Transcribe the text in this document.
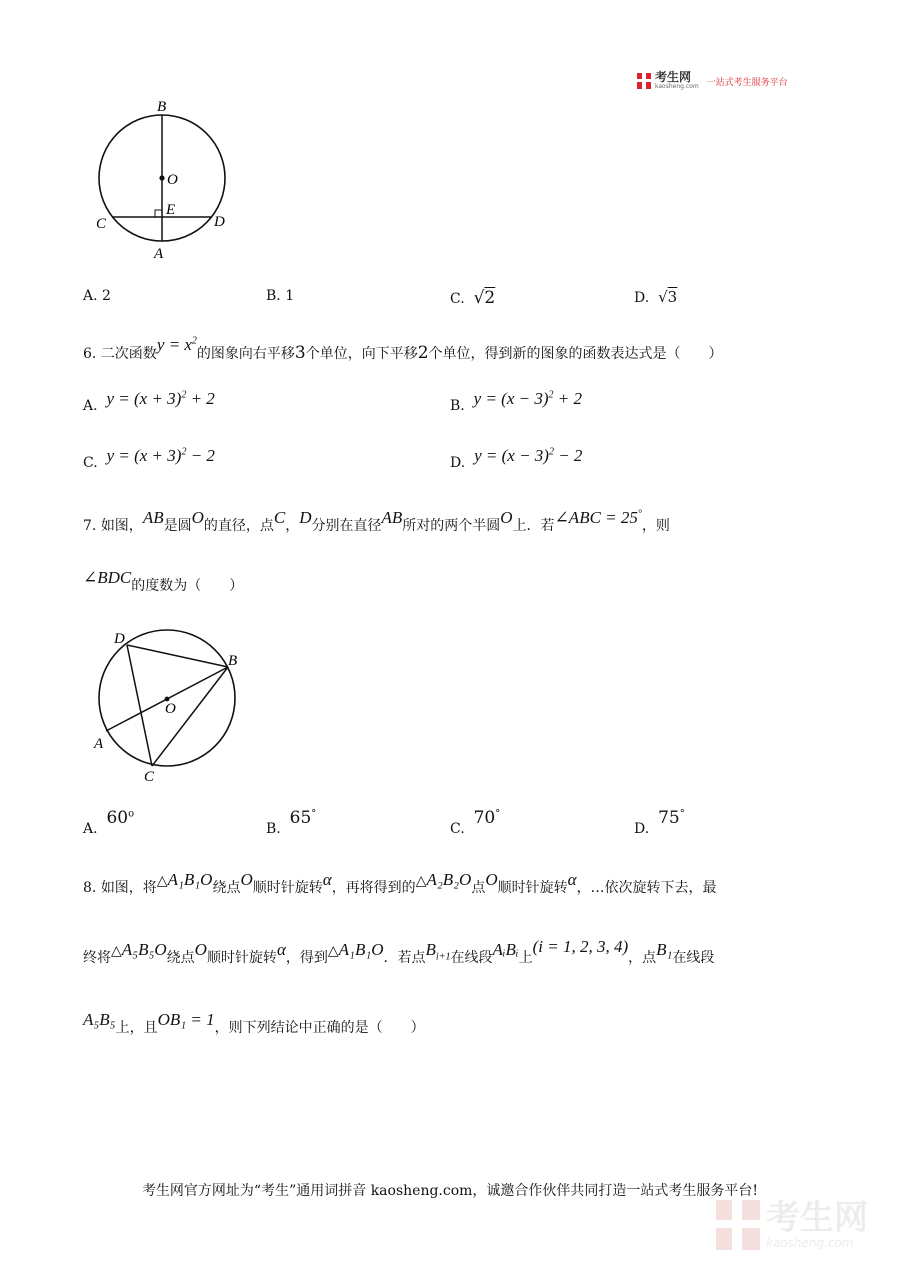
考生网
kaosheng.com 一站式考生服务平台
B
O
E
C	D
A
A. 2	B. 1	C. √2	D. √3
6. 二次函数$y = x^2$的图象向右平移3个单位，向下平移2个单位，得到新的图象的函数表达式是（　　）
A. $y = (x + 3)^2 + 2$	B. $y = (x - 3)^2 + 2$
C. $y = (x + 3)^2 - 2$	D. $y = (x - 3)^2 - 2$
7. 如图，AB是圆O的直径，点C，D分别在直径AB所对的两个半圆O上．若∠ABC = 25°，则
∠BDC的度数为（　　）
D
B
O
A
C
A.  60$^o$
B.  65°
C.  70°
D.  75°
8. 如图，将△A₁B₁O绕点O顺时针旋转α，再将得到的△A₂B₂O点O顺时针旋转α，…依次旋转下去，最
终将△A₅B₅O绕点O顺时针旋转α，得到△A₁B₁O．若点$B_{i+1}$在线段AᵢBᵢ上(i = 1, 2, 3, 4)，点B₁在线段
A₅B₅上，且OB₁ = 1，则下列结论中正确的是（　　）
考生网官方网址为“考生”通用词拼音 kaosheng.com，诚邀合作伙伴共同打造一站式考生服务平台!
考生网
kaosheng.com
